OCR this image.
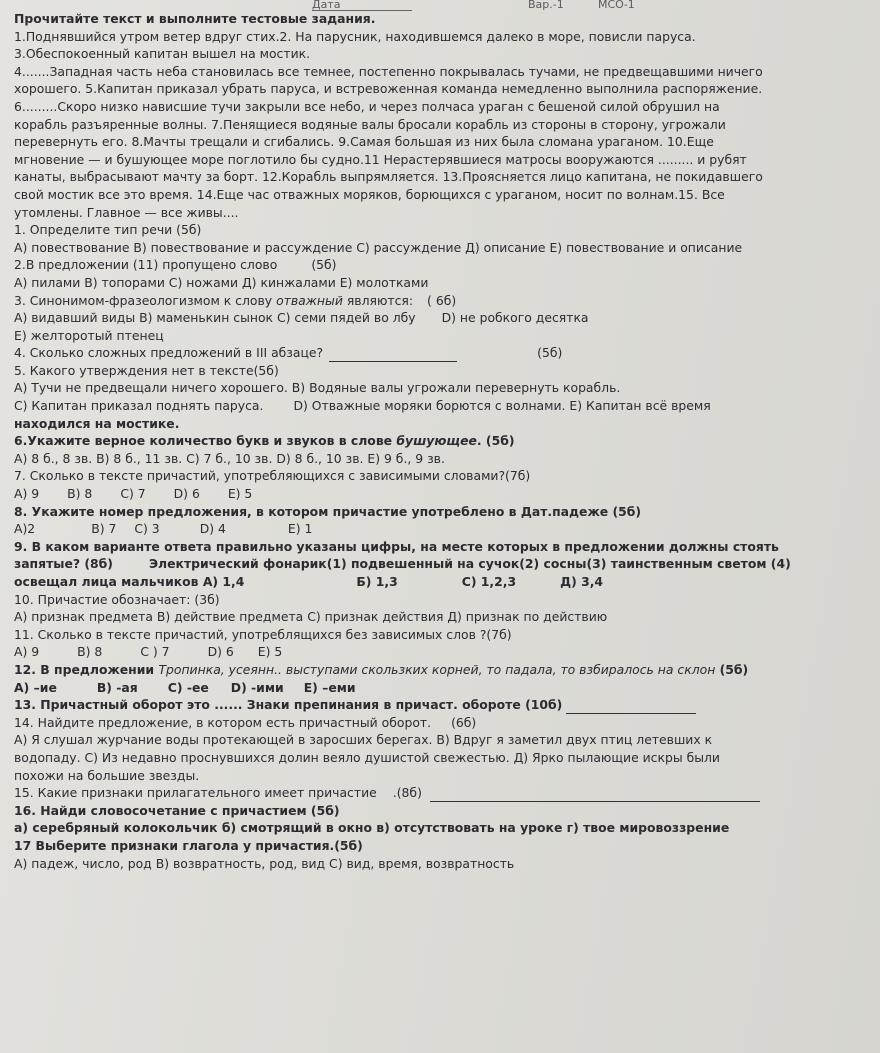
Дата	Вар.-1	МСО-1
Прочитайте текст и выполните тестовые задания.
1.Поднявшийся утром ветер вдруг стих.2. На парусник, находившемся далеко в море, повисли паруса.
3.Обеспокоенный капитан вышел на мостик.
4.......Западная часть неба становилась все темнее, постепенно покрывалась тучами, не предвещавшими ничего
хорошего. 5.Капитан приказал убрать паруса, и встревоженная команда немедленно выполнила распоряжение.
6.........Скоро низко нависшие тучи закрыли все небо, и через полчаса ураган с бешеной силой обрушил на
корабль разъяренные волны. 7.Пенящиеся водяные валы бросали корабль из стороны в сторону, угрожали
перевернуть его. 8.Мачты трещали и сгибались. 9.Самая большая из них была сломана ураганом. 10.Еще
мгновение — и бушующее море поглотило бы судно.11 Нерастерявшиеся матросы вооружаются ......... и рубят
канаты, выбрасывают мачту за борт. 12.Корабль выпрямляется. 13.Проясняется лицо капитана, не покидавшего
свой мостик все это время. 14.Еще час отважных моряков, борющихся с ураганом, носит по волнам.15. Все
утомлены. Главное — все живы....
1. Определите тип речи (5б)
А) повествование В) повествование и рассуждение С) рассуждение Д) описание Е) повествование и описание
2.В предложении (11) пропущено слово	(5б)
А) пилами В) топорами С) ножами Д) кинжалами Е) молотками
3. Синонимом-фразеологизмом к слову отважный являются: ( 6б)
А) видавший виды В) маменькин сынок С) семи пядей во лбу D) не робкого десятка
Е) желторотый птенец
4. Сколько сложных предложений в III абзаце?	(5б)
5. Какого утверждения нет в тексте(5б)
А) Тучи не предвещали ничего хорошего. В) Водяные валы угрожали перевернуть корабль.
С) Капитан приказал поднять паруса. D) Отважные моряки борются с волнами. Е) Капитан всё время
находился на мостике.
6.Укажите верное количество букв и звуков в слове бушующее. (5б)
А) 8 б., 8 зв. В) 8 б., 11 зв. С) 7 б., 10 зв. D) 8 б., 10 зв. Е) 9 б., 9 зв.
7. Сколько в тексте причастий, употребляющихся с зависимыми словами?(7б)
А) 9 В) 8 С) 7 D) 6 Е) 5
8. Укажите номер предложения, в котором причастие употреблено в Дат.падеже (5б)
А)2	В) 7 С) 3	D) 4	Е) 1
9. В каком варианте ответа правильно указаны цифры, на месте которых в предложении должны стоять
запятые? (8б)	Электрический фонарик(1) подвешенный на сучок(2) сосны(3) таинственным светом (4)
освещал лица мальчиков А) 1,4	Б) 1,3	С) 1,2,3	Д) 3,4
10. Причастие обозначает: (3б)
А) признак предмета В) действие предмета С) признак действия Д) признак по действию
11. Сколько в тексте причастий, употреблящихся без зависимых слов ?(7б)
А) 9	В) 8	С ) 7	D) 6 Е) 5
12. В предложении Тропинка, усеянн.. выступами скользких корней, то падала, то взбиралось на склон (5б)
А) –ие	В) -ая С) -ее D) -ими Е) –еми
13. Причастный оборот это ...... Знаки препинания в причаст. обороте (10б)
14. Найдите предложение, в котором есть причастный оборот. (6б)
А) Я слушал журчание воды протекающей в заросших берегах. В) Вдруг я заметил двух птиц летевших к
водопаду. С) Из недавно проснувшихся долин веяло душистой свежестью. Д) Ярко пылающие искры были
похожи на большие звезды.
15. Какие признаки прилагательного имеет причастие .(8б)
16. Найди словосочетание с причастием (5б)
а) серебряный колокольчик б) смотрящий в окно в) отсутствовать на уроке г) твое мировоззрение
17 Выберите признаки глагола у причастия.(5б)
А) падеж, число, род В) возвратность, род, вид С) вид, время, возвратность
